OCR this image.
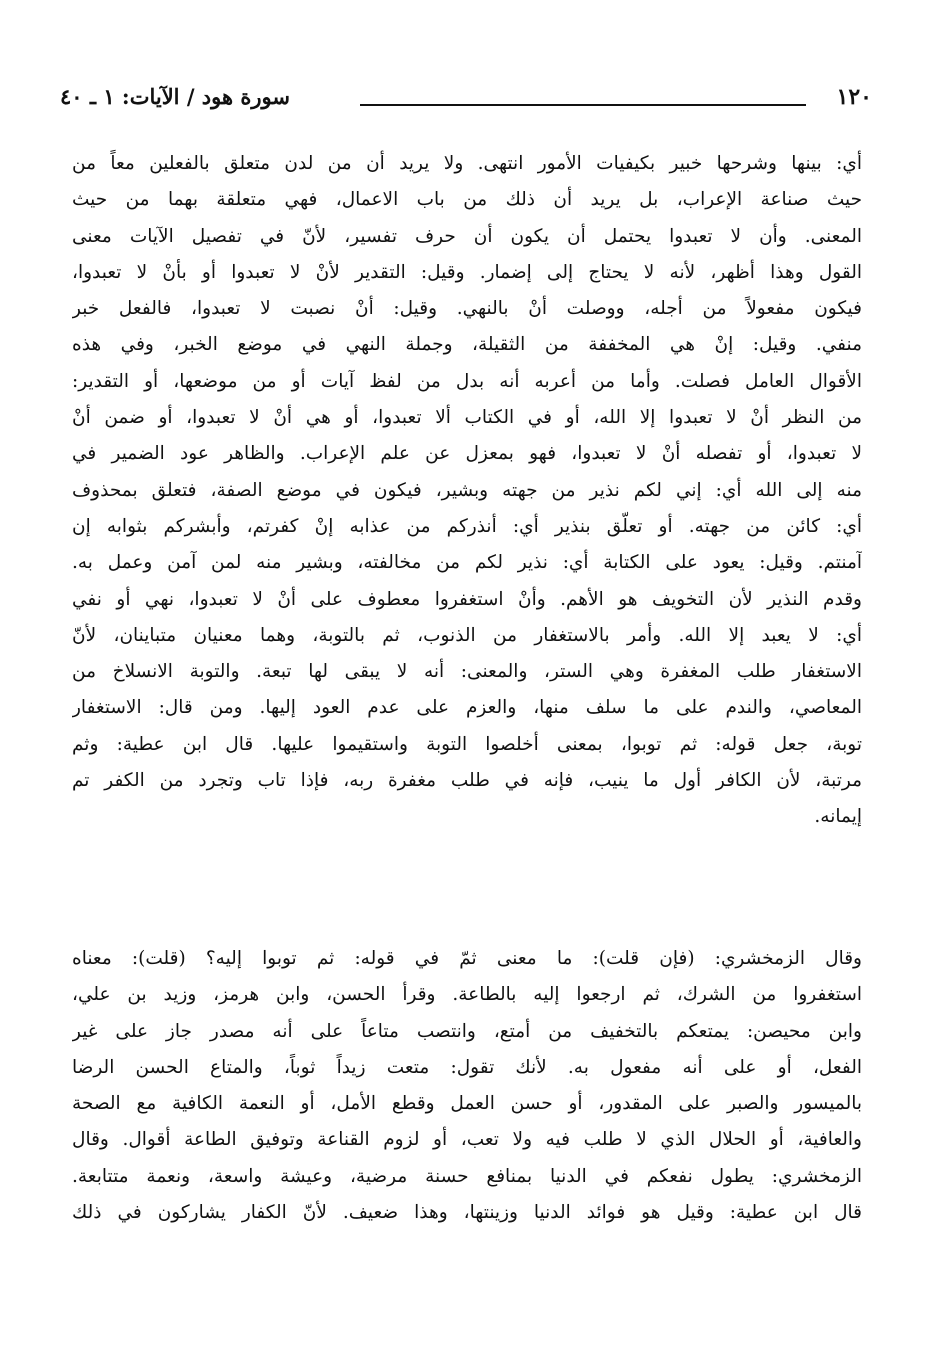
١٢٠
سورة هود / الآيات: ١ ـ ٤٠
أي: بينها وشرحها خبير بكيفيات الأمور انتهى. ولا يريد أن من لدن متعلق بالفعلين معاً من
حيث صناعة الإعراب، بل يريد أن ذلك من باب الاعمال، فهي متعلقة بهما من حيث
المعنى. وأن لا تعبدوا يحتمل أن يكون أن حرف تفسير، لأنّ في تفصيل الآيات معنى
القول وهذا أظهر، لأنه لا يحتاج إلى إضمار. وقيل: التقدير لأنْ لا تعبدوا أو بأنْ لا تعبدوا،
فيكون مفعولاً من أجله، ووصلت أنْ بالنهي. وقيل: أنْ نصبت لا تعبدوا، فالفعل خبر
منفي. وقيل: إنْ هي المخففة من الثقيلة، وجملة النهي في موضع الخبر، وفي هذه
الأقوال العامل فصلت. وأما من أعربه أنه بدل من لفظ آيات أو من موضعها، أو التقدير:
من النظر أنْ لا تعبدوا إلا الله، أو في الكتاب ألا تعبدوا، أو هي أنْ لا تعبدوا، أو ضمن أنْ
لا تعبدوا، أو تفصله أنْ لا تعبدوا، فهو بمعزل عن علم الإعراب. والظاهر عود الضمير في
منه إلى الله أي: إني لكم نذير من جهته وبشير، فيكون في موضع الصفة، فتعلق بمحذوف
أي: كائن من جهته. أو تعلّق بنذير أي: أنذركم من عذابه إنْ كفرتم، وأبشركم بثوابه إن
آمنتم. وقيل: يعود على الكتابة أي: نذير لكم من مخالفته، وبشير منه لمن آمن وعمل به.
وقدم النذير لأن التخويف هو الأهم. وأنْ استغفروا معطوف على أنْ لا تعبدوا، نهي أو نفي
أي: لا يعبد إلا الله. وأمر بالاستغفار من الذنوب، ثم بالتوبة، وهما معنيان متباينان، لأنّ
الاستغفار طلب المغفرة وهي الستر، والمعنى: أنه لا يبقى لها تبعة. والتوبة الانسلاخ من
المعاصي، والندم على ما سلف منها، والعزم على عدم العود إليها. ومن قال: الاستغفار
توبة، جعل قوله: ثم توبوا، بمعنى أخلصوا التوبة واستقيموا عليها. قال ابن عطية: وثم
مرتبة، لأن الكافر أول ما ينيب، فإنه في طلب مغفرة ربه، فإذا تاب وتجرد من الكفر تم
إيمانه.
وقال الزمخشري: (فإن قلت): ما معنى ثمّ في قوله: ثم توبوا إليه؟ (قلت): معناه
استغفروا من الشرك، ثم ارجعوا إليه بالطاعة. وقرأ الحسن، وابن هرمز، وزيد بن علي،
وابن محيصن: يمتعكم بالتخفيف من أمتع، وانتصب متاعاً على أنه مصدر جاز على غير
الفعل، أو على أنه مفعول به. لأنك تقول: متعت زيداً ثوباً، والمتاع الحسن الرضا
بالميسور والصبر على المقدور، أو حسن العمل وقطع الأمل، أو النعمة الكافية مع الصحة
والعافية، أو الحلال الذي لا طلب فيه ولا تعب، أو لزوم القناعة وتوفيق الطاعة أقوال. وقال
الزمخشري: يطول نفعكم في الدنيا بمنافع حسنة مرضية، وعيشة واسعة، ونعمة متتابعة.
قال ابن عطية: وقيل هو فوائد الدنيا وزينتها، وهذا ضعيف. لأنّ الكفار يشاركون في ذلك
